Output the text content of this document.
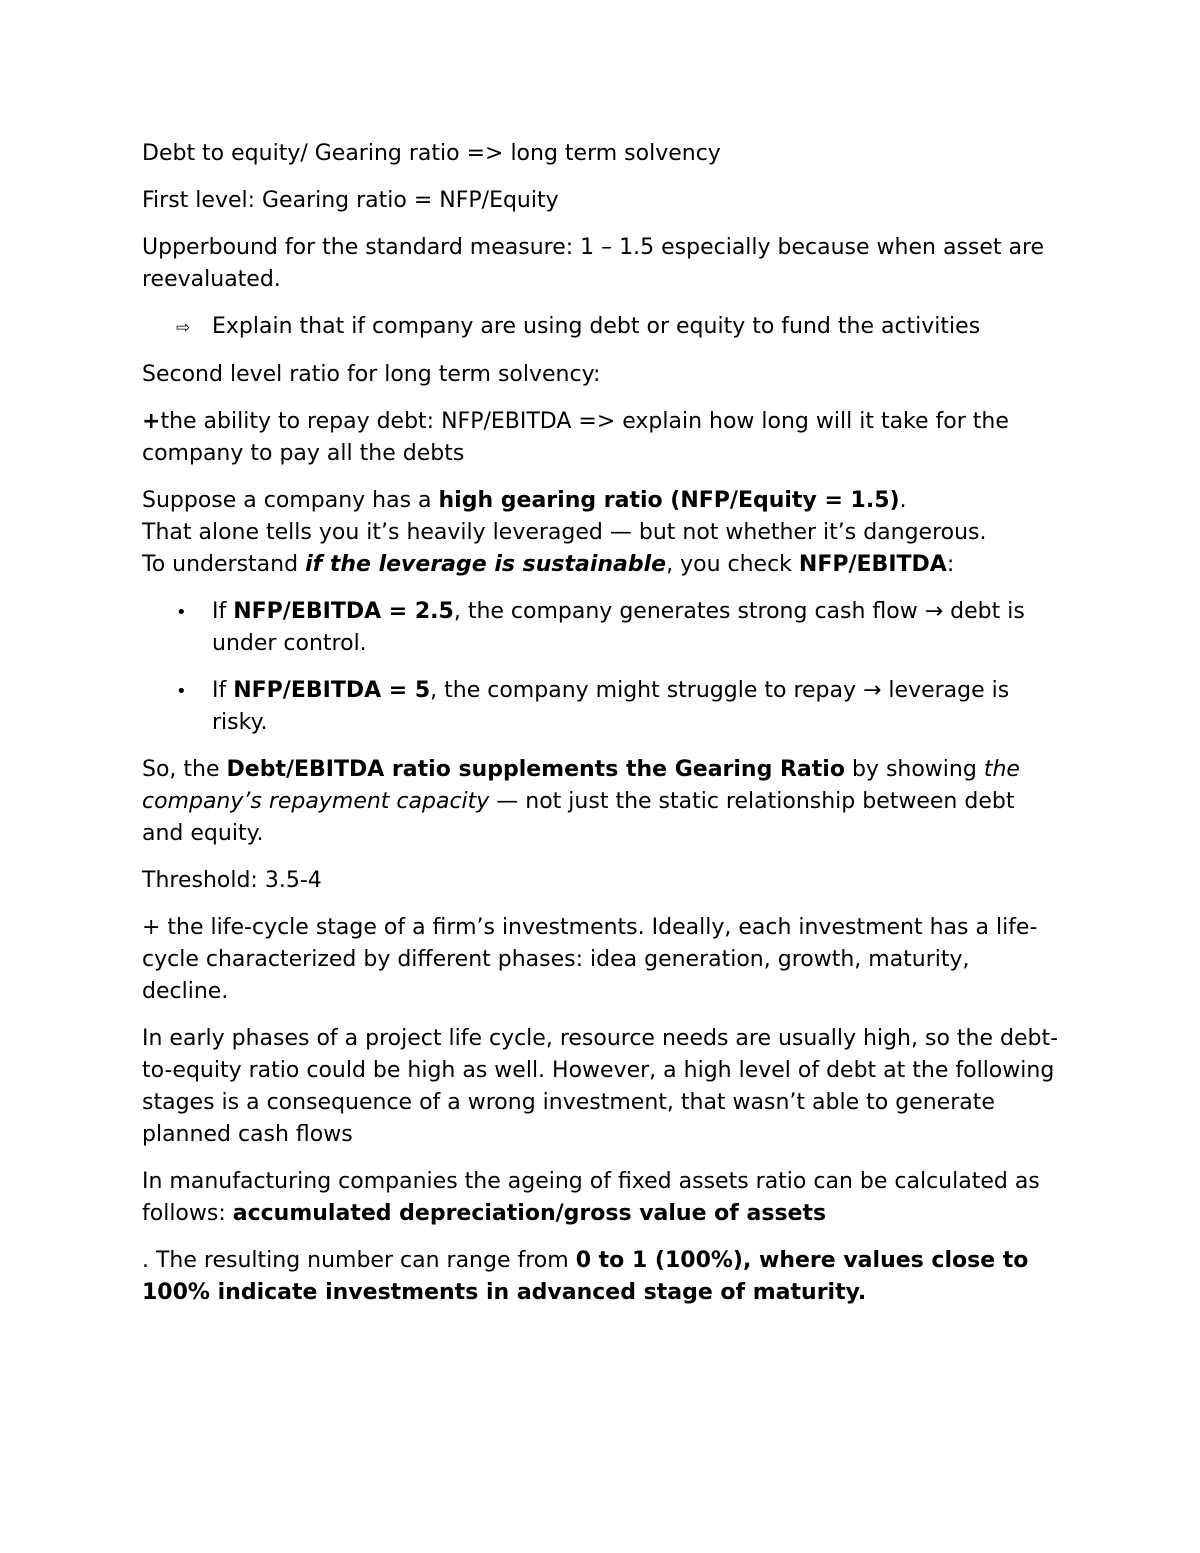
Debt to equity/ Gearing ratio => long term solvency

First level: Gearing ratio = NFP/Equity

Upperbound for the standard measure: 1 – 1.5 especially because when asset are reevaluated.

⇨ Explain that if company are using debt or equity to fund the activities

Second level ratio for long term solvency:

+the ability to repay debt: NFP/EBITDA => explain how long will it take for the company to pay all the debts

Suppose a company has a high gearing ratio (NFP/Equity = 1.5).
That alone tells you it’s heavily leveraged — but not whether it’s dangerous.
To understand if the leverage is sustainable, you check NFP/EBITDA:

•	If NFP/EBITDA = 2.5, the company generates strong cash flow → debt is under control.
•	If NFP/EBITDA = 5, the company might struggle to repay → leverage is risky.

So, the Debt/EBITDA ratio supplements the Gearing Ratio by showing the company’s repayment capacity — not just the static relationship between debt and equity.

Threshold: 3.5-4

+ the life-cycle stage of a firm’s investments. Ideally, each investment has a life-cycle characterized by different phases: idea generation, growth, maturity, decline.

In early phases of a project life cycle, resource needs are usually high, so the debt-to-equity ratio could be high as well. However, a high level of debt at the following stages is a consequence of a wrong investment, that wasn’t able to generate planned cash flows

In manufacturing companies the ageing of fixed assets ratio can be calculated as follows: accumulated depreciation/gross value of assets

. The resulting number can range from 0 to 1 (100%), where values close to 100% indicate investments in advanced stage of maturity.
